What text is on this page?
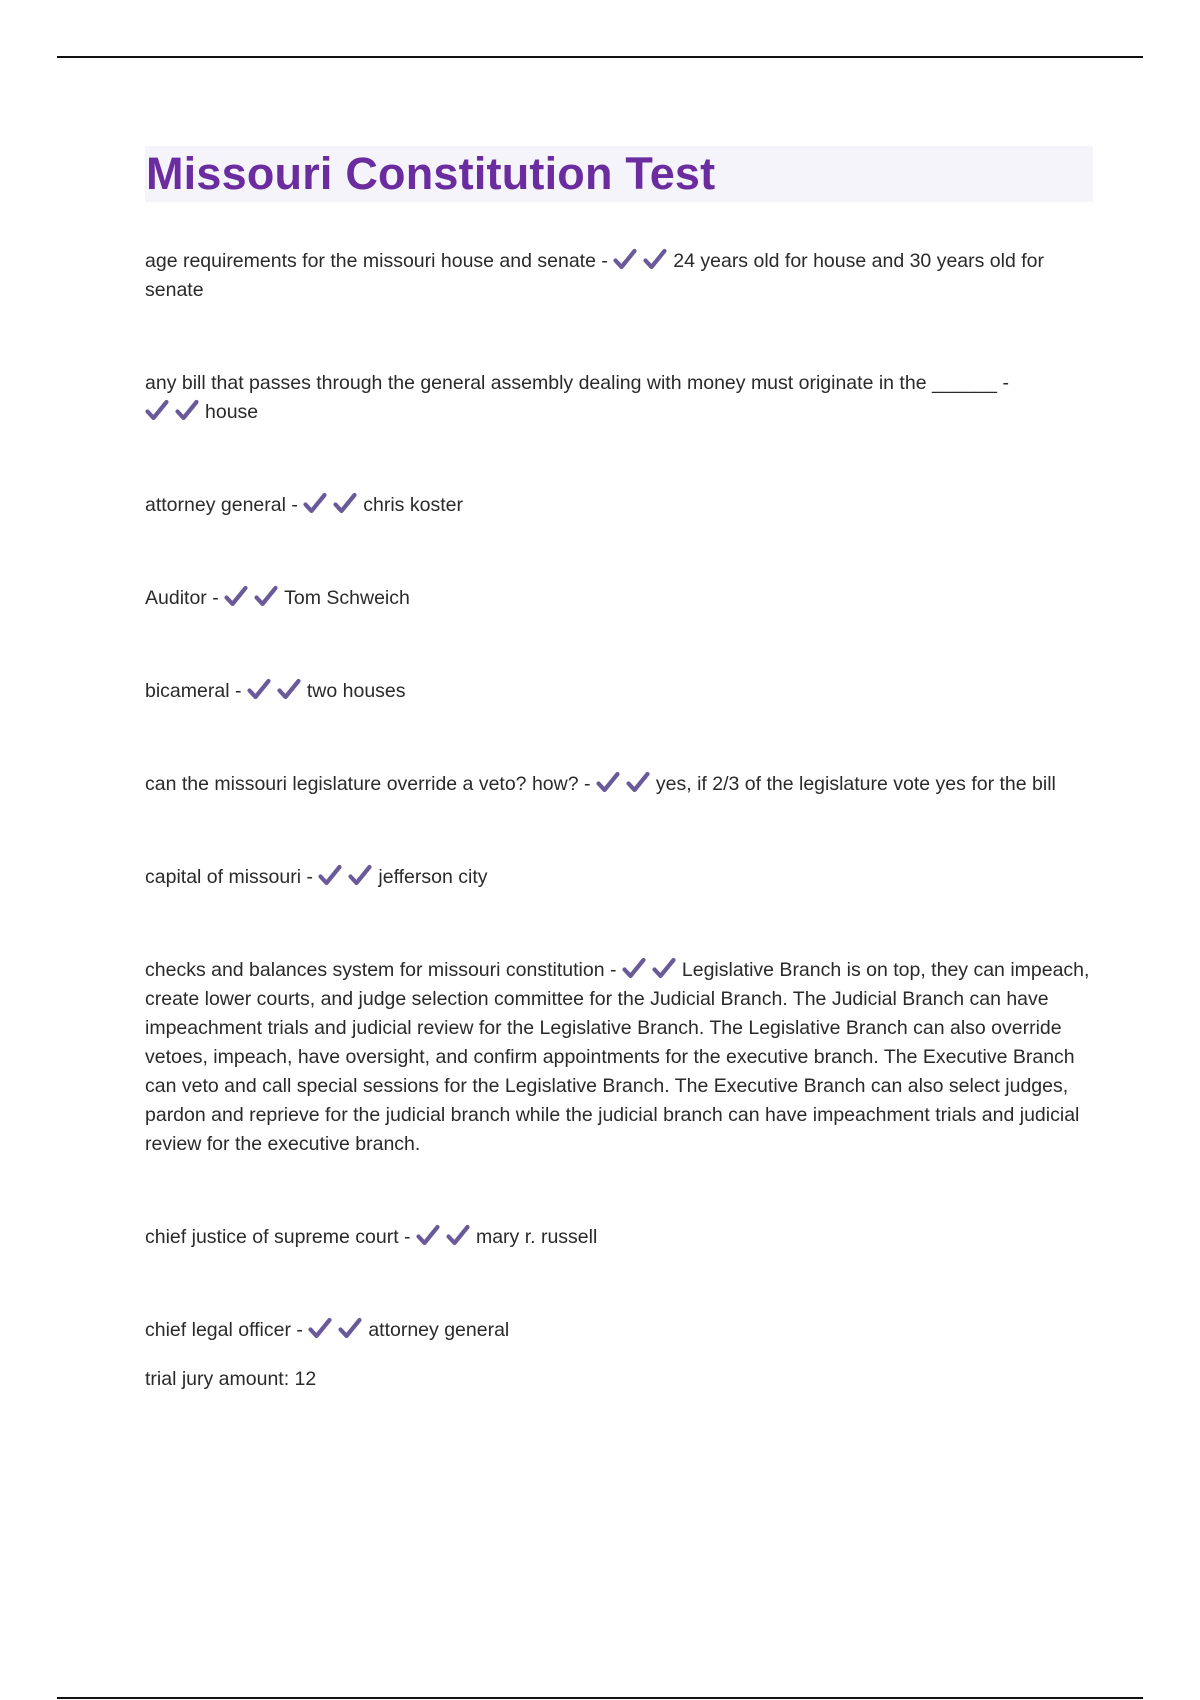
Missouri Constitution Test

age requirements for the missouri house and senate -	24 years old for house and 30 years old for senate

any bill that passes through the general assembly dealing with money must originate in the ______ -

house

attorney general -	chris koster

Auditor -	Tom Schweich

bicameral -	two houses

can the missouri legislature override a veto? how? -	yes, if 2/3 of the legislature vote yes for the bill

capital of missouri -	jefferson city

checks and balances system for missouri constitution -	Legislative Branch is on top, they can impeach, create lower courts, and judge selection committee for the Judicial Branch. The Judicial Branch can have impeachment trials and judicial review for the Legislative Branch. The Legislative Branch can also override vetoes, impeach, have oversight, and confirm appointments for the executive branch. The Executive Branch can veto and call special sessions for the Legislative Branch. The Executive Branch can also select judges, pardon and reprieve for the judicial branch while the judicial branch can have impeachment trials and judicial review for the executive branch.

chief justice of supreme court -	mary r. russell

chief legal officer -	attorney general

trial jury amount: 12
